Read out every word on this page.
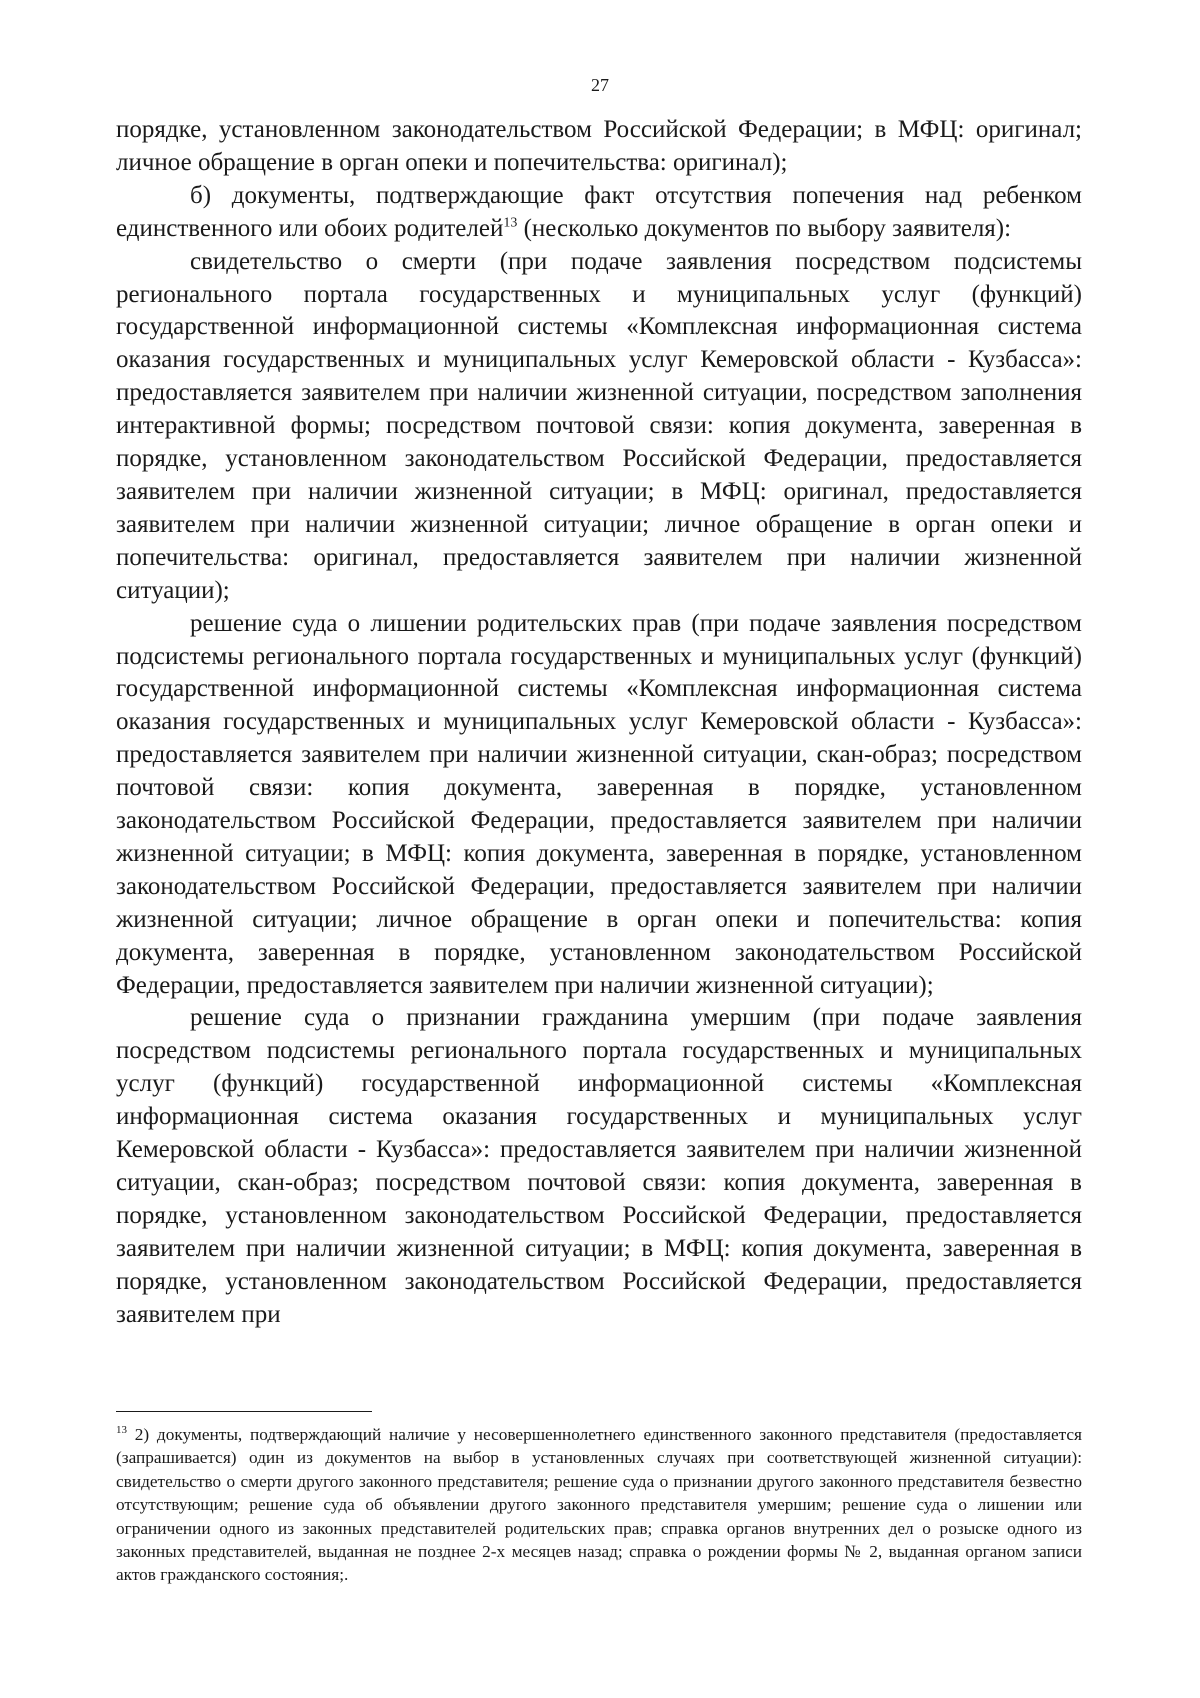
27

порядке, установленном законодательством Российской Федерации; в МФЦ: оригинал; личное обращение в орган опеки и попечительства: оригинал);

б) документы, подтверждающие факт отсутствия попечения над ребенком единственного или обоих родителей$^{13}$ (несколько документов по выбору заявителя):

свидетельство о смерти (при подаче заявления посредством подсистемы регионального портала государственных и муниципальных услуг (функций) государственной информационной системы «Комплексная информационная система оказания государственных и муниципальных услуг Кемеровской области - Кузбасса»: предоставляется заявителем при наличии жизненной ситуации, посредством заполнения интерактивной формы; посредством почтовой связи: копия документа, заверенная в порядке, установленном законодательством Российской Федерации, предоставляется заявителем при наличии жизненной ситуации; в МФЦ: оригинал, предоставляется заявителем при наличии жизненной ситуации; личное обращение в орган опеки и попечительства: оригинал, предоставляется заявителем при наличии жизненной ситуации);

решение суда о лишении родительских прав (при подаче заявления посредством подсистемы регионального портала государственных и муниципальных услуг (функций) государственной информационной системы «Комплексная информационная система оказания государственных и муниципальных услуг Кемеровской области - Кузбасса»: предоставляется заявителем при наличии жизненной ситуации, скан-образ; посредством почтовой связи: копия документа, заверенная в порядке, установленном законодательством Российской Федерации, предоставляется заявителем при наличии жизненной ситуации; в МФЦ: копия документа, заверенная в порядке, установленном законодательством Российской Федерации, предоставляется заявителем при наличии жизненной ситуации; личное обращение в орган опеки и попечительства: копия документа, заверенная в порядке, установленном законодательством Российской Федерации, предоставляется заявителем при наличии жизненной ситуации);

решение суда о признании гражданина умершим (при подаче заявления посредством подсистемы регионального портала государственных и муниципальных услуг (функций) государственной информационной системы «Комплексная информационная система оказания государственных и муниципальных услуг Кемеровской области - Кузбасса»: предоставляется заявителем при наличии жизненной ситуации, скан-образ; посредством почтовой связи: копия документа, заверенная в порядке, установленном законодательством Российской Федерации, предоставляется заявителем при наличии жизненной ситуации; в МФЦ: копия документа, заверенная в порядке, установленном законодательством Российской Федерации, предоставляется заявителем при

$^{13}$ 2) документы, подтверждающий наличие у несовершеннолетнего единственного законного представителя (предоставляется (запрашивается) один из документов на выбор в установленных случаях при соответствующей жизненной ситуации): свидетельство о смерти другого законного представителя; решение суда о признании другого законного представителя безвестно отсутствующим; решение суда об объявлении другого законного представителя умершим; решение суда о лишении или ограничении одного из законных представителей родительских прав; справка органов внутренних дел о розыске одного из законных представителей, выданная не позднее 2-х месяцев назад; справка о рождении формы № 2, выданная органом записи актов гражданского состояния;.
